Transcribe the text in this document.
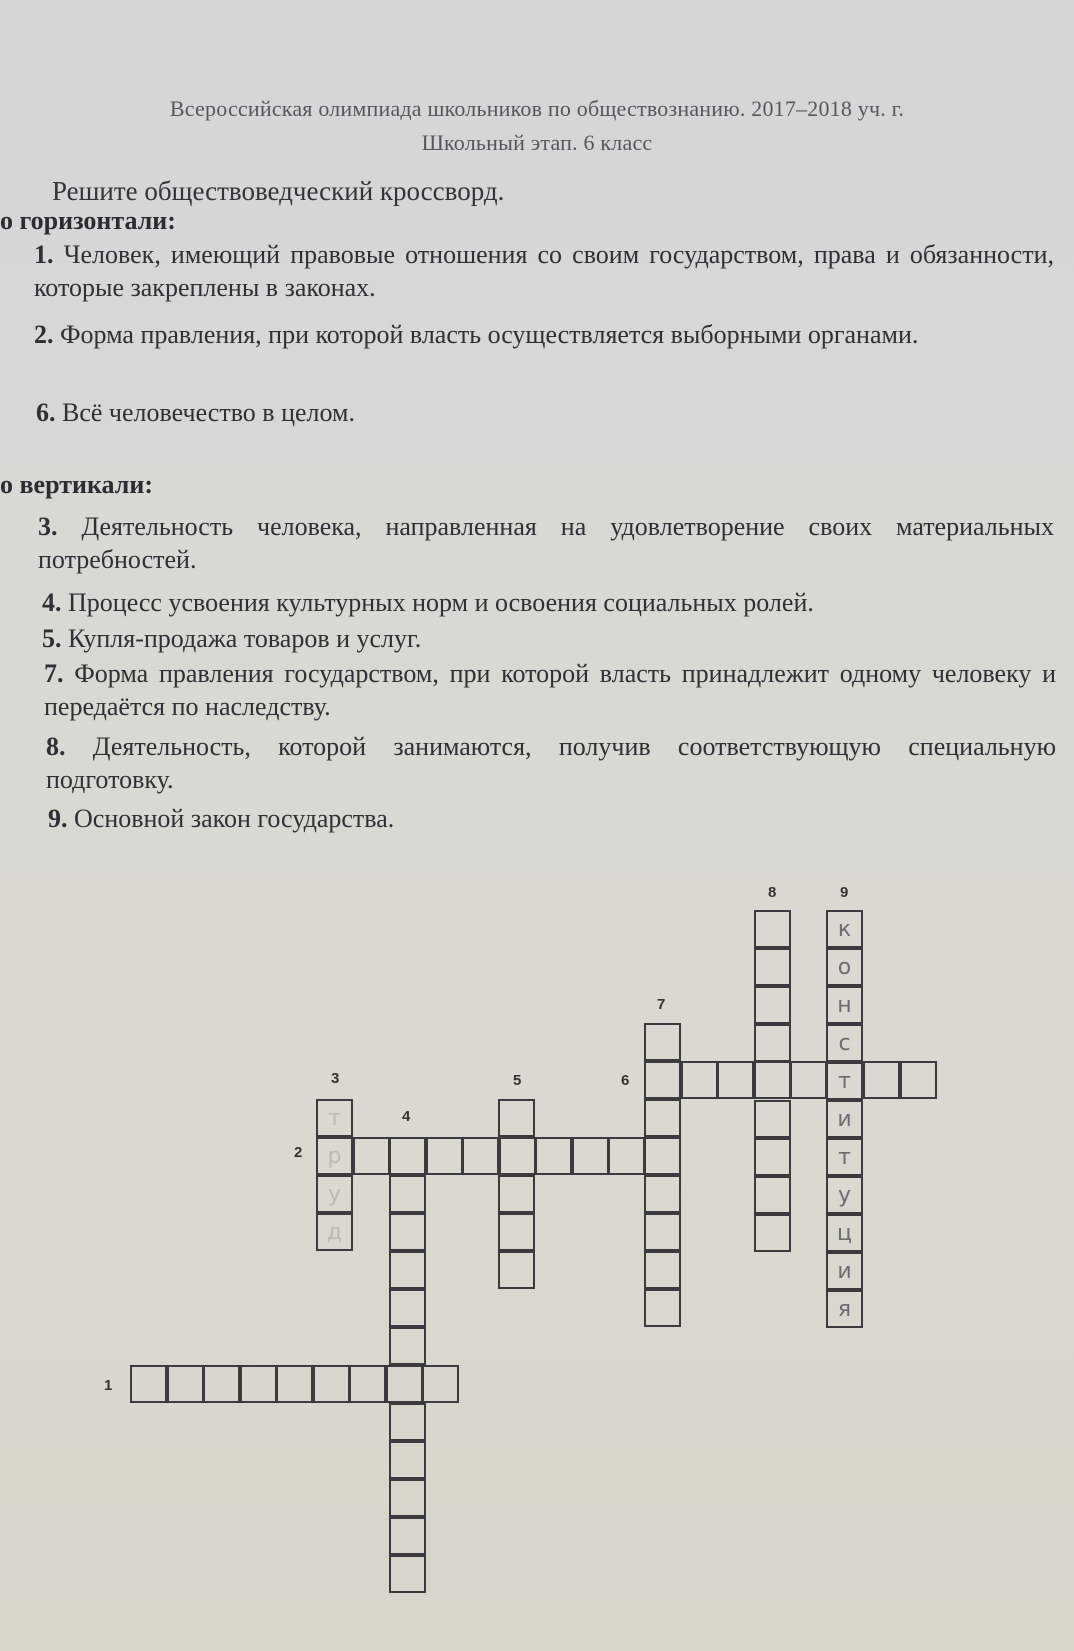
Всероссийская олимпиада школьников по обществознанию. 2017–2018 уч. г.
Школьный этап. 6 класс
Решите обществоведческий кроссворд.
о горизонтали:
1. Человек, имеющий правовые отношения со своим государством, права и обязанности, которые закреплены в законах.
2. Форма правления, при которой власть осуществляется выборными органами.
6. Всё человечество в целом.
о вертикали:
3. Деятельность человека, направленная на удовлетворение своих материальных потребностей.
4. Процесс усвоения культурных норм и освоения социальных ролей.
5. Купля-продажа товаров и услуг.
7. Форма правления государством, при которой власть принадлежит одному человеку и передаётся по наследству.
8. Деятельность, которой занимаются, получив соответствующую специальную подготовку.
9. Основной закон государства.
1
2
3
4
5	6
7
8	9
к
о
н
с
т
и
т
у
ц
и
я
т
р
у
д
